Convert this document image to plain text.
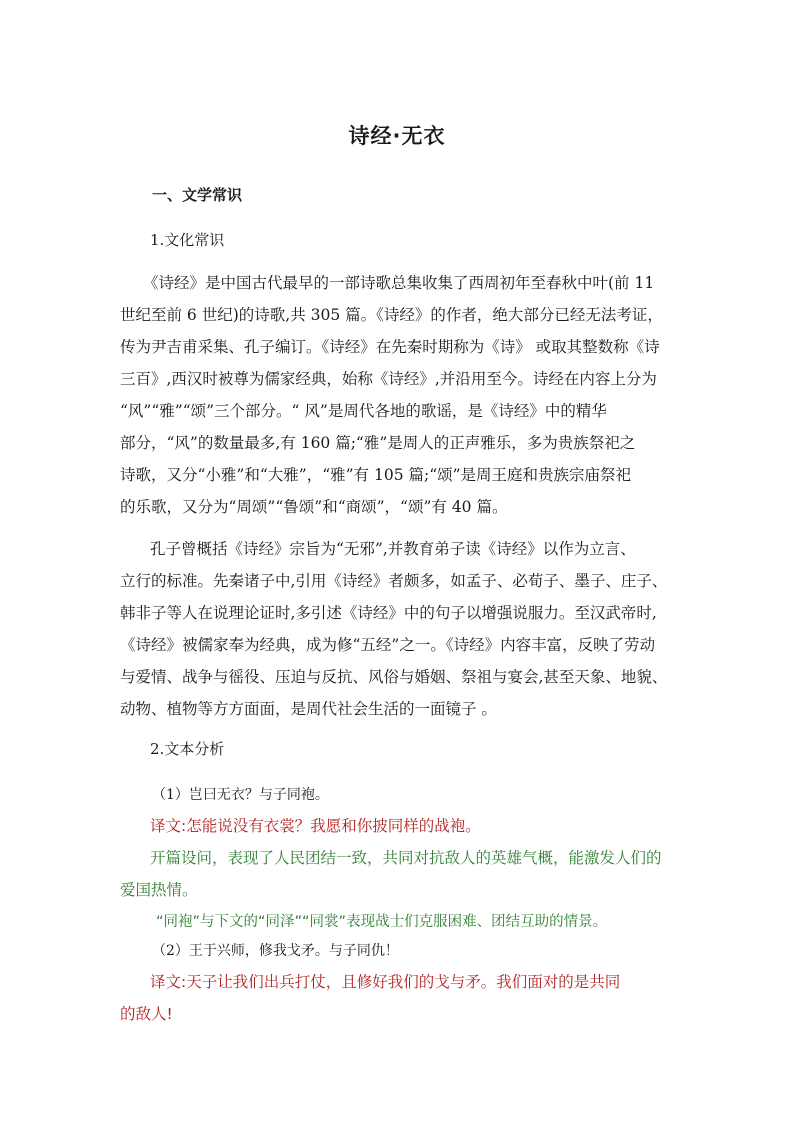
诗经·无衣
一、文学常识
1.文化常识
《诗经》是中国古代最早的一部诗歌总集收集了西周初年至春秋中叶(前 11
世纪至前 6 世纪)的诗歌,共 305 篇。《诗经》的作者，绝大部分已经无法考证，
传为尹吉甫采集、孔子编订。《诗经》在先秦时期称为《诗》 或取其整数称《诗
三百》,西汉时被尊为儒家经典，始称《诗经》,并沿用至今。诗经在内容上分为
“风”“雅”“颂”三个部分。“ 风”是周代各地的歌谣，是《诗经》中的精华
部分，“风”的数量最多,有 160 篇;“雅”是周人的正声雅乐，多为贵族祭祀之
诗歌，又分“小雅”和“大雅”，“雅”有 105 篇;“颂”是周王庭和贵族宗庙祭祀
的乐歌，又分为“周颂”“鲁颂”和“商颂”，“颂”有 40 篇。
孔子曾概括《诗经》宗旨为“无邪”,并教育弟子读《诗经》以作为立言、
立行的标准。先秦诸子中,引用《诗经》者颇多，如孟子、必荀子、墨子、庄子、
韩非子等人在说理论证时,多引述《诗经》中的句子以增强说服力。至汉武帝时,
《诗经》被儒家奉为经典，成为修“五经”之一。《诗经》内容丰富，反映了劳动
与爱情、战争与徭役、压迫与反抗、风俗与婚姻、祭祖与宴会,甚至天象、地貌、
动物、植物等方方面面，是周代社会生活的一面镜子 。
2.文本分析
（1）岂曰无衣？与子同袍。
译文:怎能说没有衣裳？我愿和你披同样的战袍。
开篇设问，表现了人民团结一致，共同对抗敌人的英雄气概，能激发人们的
爱国热情。
“同袍”与下文的“同泽”“同裳”表现战士们克服困难、团结互助的情景。
（2）王于兴师，修我戈矛。与子同仇！
译文:天子让我们出兵打仗，且修好我们的戈与矛。我们面对的是共同
的敌人!
